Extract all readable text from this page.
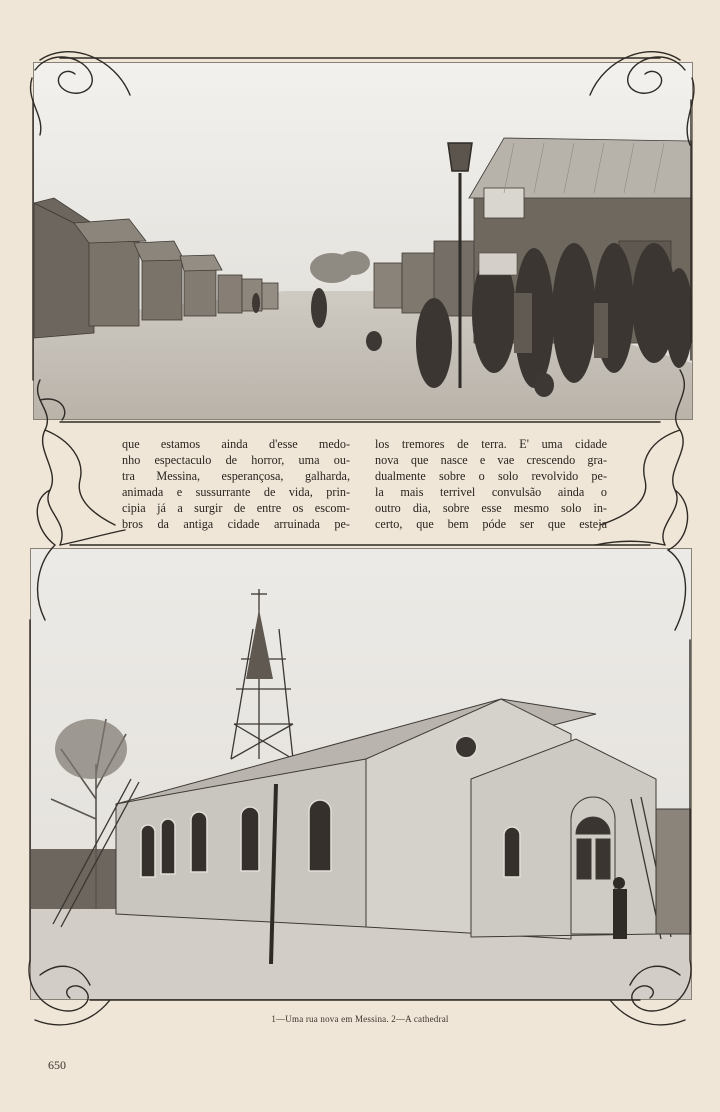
que estamos ainda d'esse medo-
nho espectaculo de horror, uma ou-
tra Messina, esperançosa, galharda,
animada e sussurrante de vida, prin-
cipia já a surgir de entre os escom-
bros da antiga cidade arruinada pe-
los tremores de terra. E' uma cidade
nova que nasce e vae crescendo gra-
dualmente sobre o solo revolvido pe-
la mais terrivel convulsão ainda o
outro dia, sobre esse mesmo solo in-
certo, que bem póde ser que esteja
1—Uma rua nova em Messina. 2—A cathedral
650
